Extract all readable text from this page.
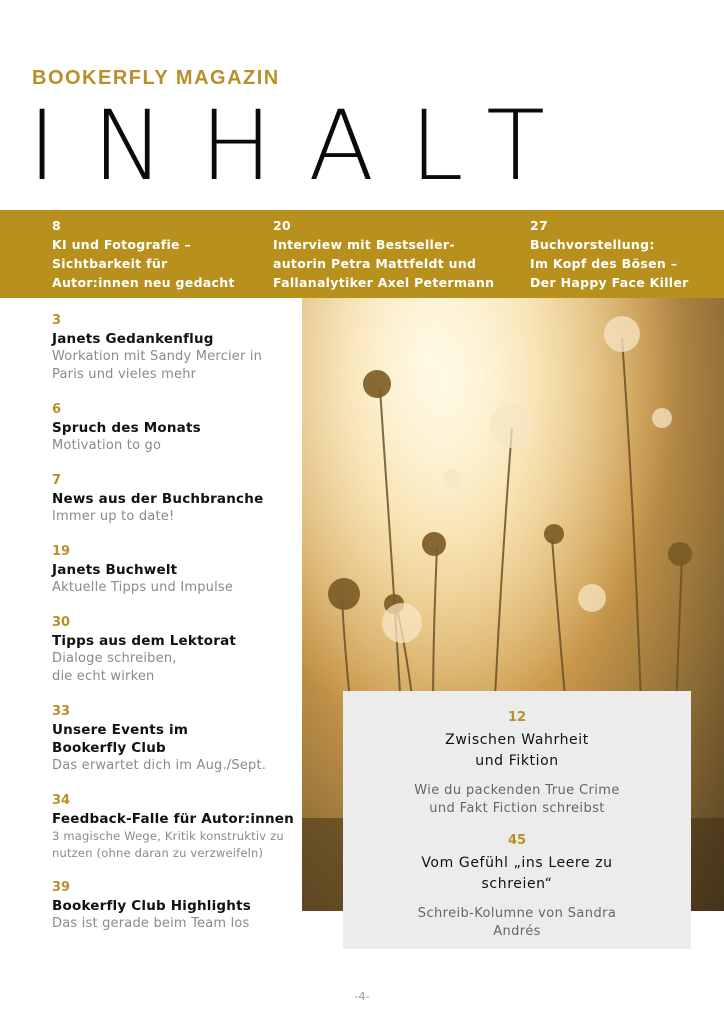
BOOKERFLY MAGAZIN
INHALT
8
KI und Fotografie –
Sichtbarkeit für
Autor:innen neu gedacht
20
Interview mit Bestseller-
autorin Petra Mattfeldt und
Fallanalytiker Axel Petermann
27
Buchvorstellung:
Im Kopf des Bösen –
Der Happy Face Killer
3
Janets Gedankenflug
Workation mit Sandy Mercier in
Paris und vieles mehr
6
Spruch des Monats
Motivation to go
7
News aus der Buchbranche
Immer up to date!
19
Janets Buchwelt
Aktuelle Tipps und Impulse
30
Tipps aus dem Lektorat
Dialoge schreiben,
die echt wirken
33
Unsere Events im
Bookerfly Club
Das erwartet dich im Aug./Sept.
34
Feedback-Falle für Autor:innen
3 magische Wege, Kritik konstruktiv zu
nutzen (ohne daran zu verzweifeln)
39
Bookerfly Club Highlights
Das ist gerade beim Team los
12
Zwischen Wahrheit
und Fiktion
Wie du packenden True Crime
und Fakt Fiction schreibst
45
Vom Gefühl „ins Leere zu
schreien“
Schreib-Kolumne von Sandra
Andrés
-4-
